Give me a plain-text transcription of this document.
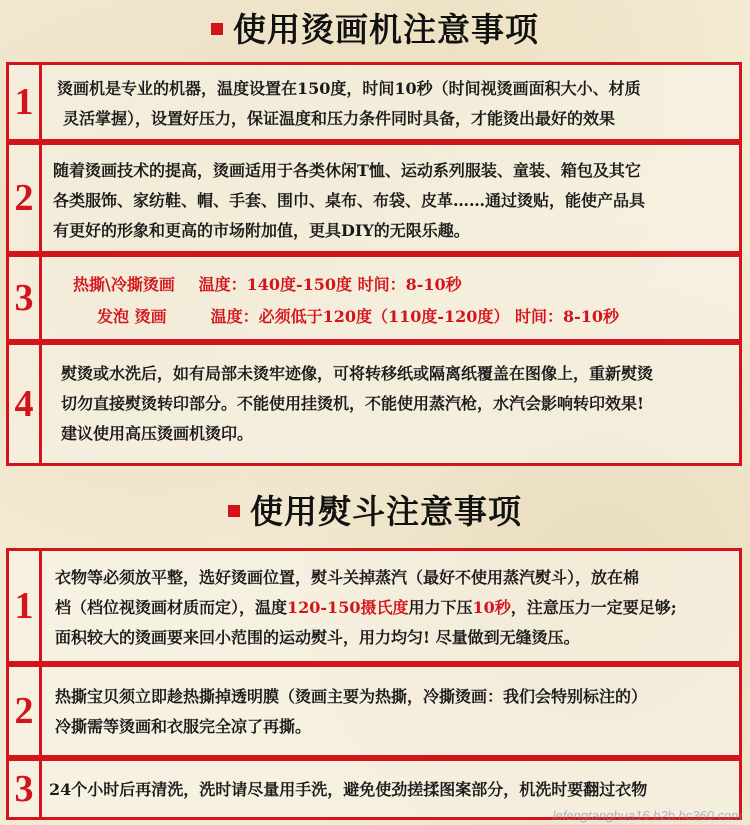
使用烫画机注意事项
1	烫画机是专业的机器，温度设置在150度，时间10秒（时间视烫画面积大小、材质
灵活掌握），设置好压力，保证温度和压力条件同时具备，才能烫出最好的效果
2
随着烫画技术的提高，烫画适用于各类休闲T恤、运动系列服装、童装、箱包及其它
各类服饰、家纺鞋、帽、手套、围巾、桌布、布袋、皮革……通过烫贴，能使产品具
有更好的形象和更高的市场附加值，更具DIY的无限乐趣。
3	热撕\冷撕烫画 温度：140度-150度 时间：8-10秒
发泡 烫画	温度：必须低于120度（110度-120度） 时间：8-10秒
4
熨烫或水洗后，如有局部未烫牢迹像，可将转移纸或隔离纸覆盖在图像上，重新熨烫
切勿直接熨烫转印部分。不能使用挂烫机，不能使用蒸汽枪，水汽会影响转印效果!
建议使用高压烫画机烫印。
使用熨斗注意事项
1
衣物等必须放平整，选好烫画位置，熨斗关掉蒸汽（最好不使用蒸汽熨斗），放在棉
档（档位视烫画材质而定），温度120-150摄氏度用力下压10秒，注意压力一定要足够;
面积较大的烫画要来回小范围的运动熨斗，用力均匀! 尽量做到无缝烫压。
2	热撕宝贝须立即趁热撕掉透明膜（烫画主要为热撕，冷撕烫画：我们会特别标注的）
冷撕需等烫画和衣服完全凉了再撕。
3 24个小时后再清洗，洗时请尽量用手洗，避免使劲搓揉图案部分，机洗时要翻过衣物
lefengtanghua16.b2b.hc360.com
